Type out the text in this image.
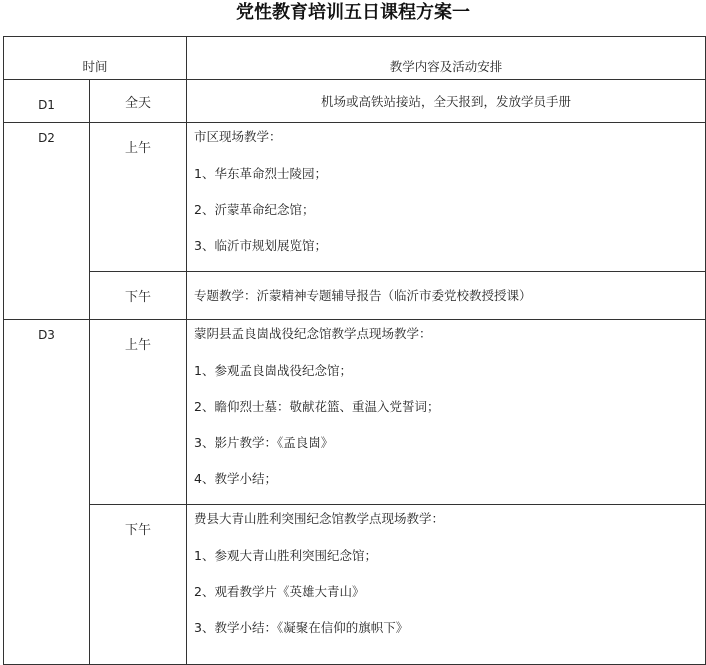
党性教育培训五日课程方案一
时间		教学内容及活动安排
D1	全天	机场或高铁站接站，全天报到，发放学员手册
D2	上午	市区现场教学：
1、华东革命烈士陵园；
2、沂蒙革命纪念馆；
3、临沂市规划展览馆；

	下午	专题教学：沂蒙精神专题辅导报告（临沂市委党校教授授课）
D3	上午	蒙阴县孟良崮战役纪念馆教学点现场教学：
1、参观孟良崮战役纪念馆；
2、瞻仰烈士墓：敬献花篮、重温入党誓词；
3、影片教学：《孟良崮》
4、教学小结；

	下午	费县大青山胜利突围纪念馆教学点现场教学：
1、参观大青山胜利突围纪念馆；
2、观看教学片《英雄大青山》
3、教学小结：《凝聚在信仰的旗帜下》
